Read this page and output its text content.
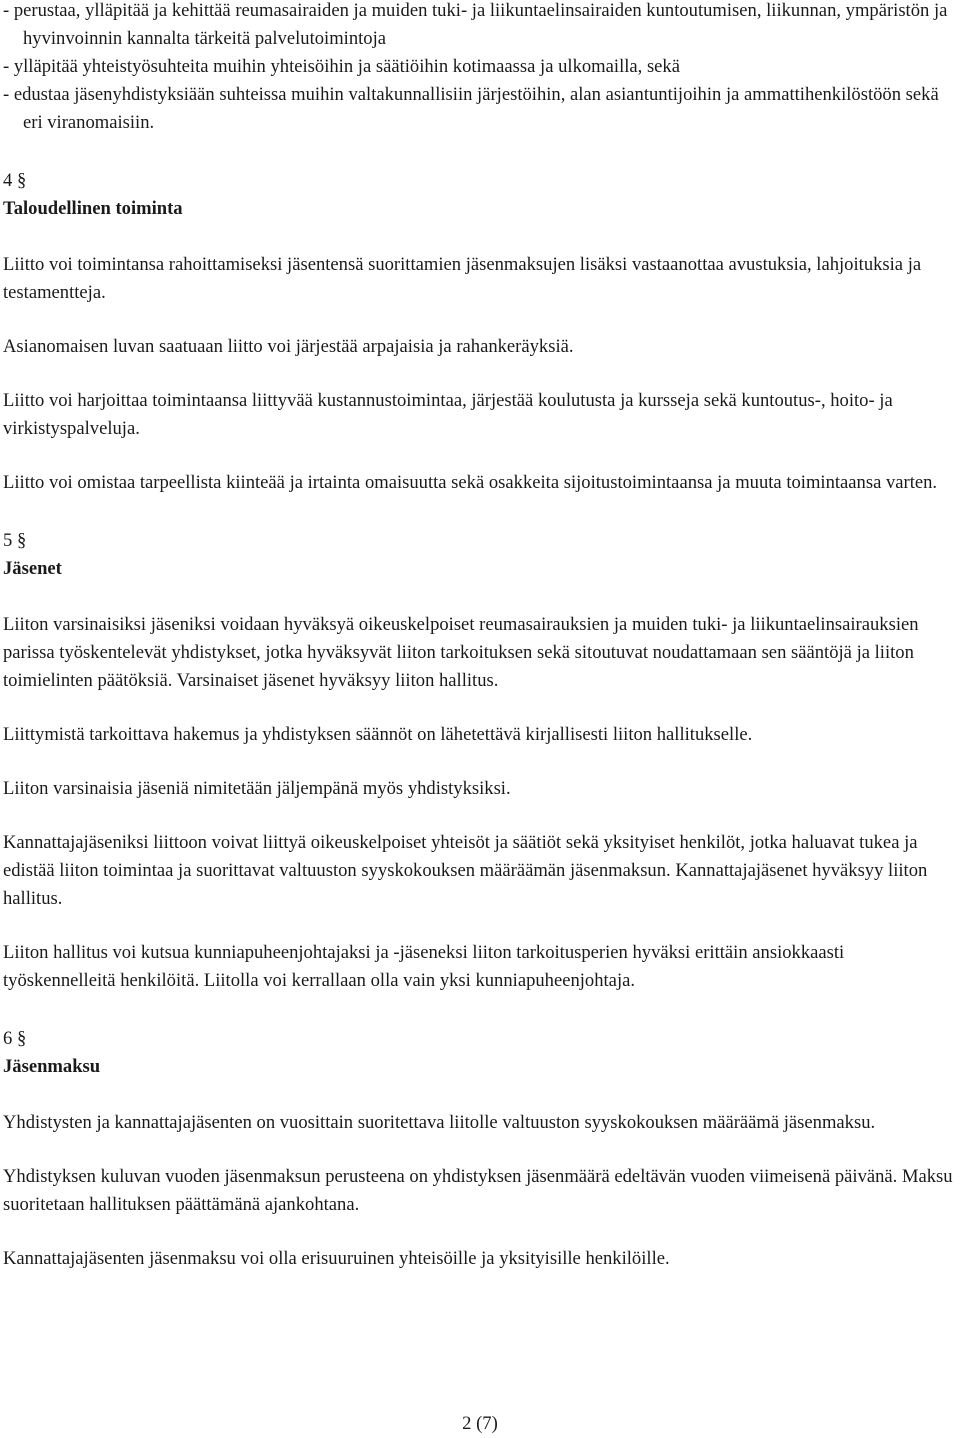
- perustaa, ylläpitää ja kehittää reumasairaiden ja muiden tuki- ja liikuntaelinsairaiden kuntoutumisen, liikunnan, ympäristön ja hyvinvoinnin kannalta tärkeitä palvelutoimintoja
- ylläpitää yhteistyösuhteita muihin yhteisöihin ja säätiöihin kotimaassa ja ulkomailla, sekä
- edustaa jäsenyhdistyksiään suhteissa muihin valtakunnallisiin järjestöihin, alan asiantuntijoihin ja ammattihenkilöstöön sekä eri viranomaisiin.
4 §
Taloudellinen toiminta

Liitto voi toimintansa rahoittamiseksi jäsentensä suorittamien jäsenmaksujen lisäksi vastaanottaa avustuksia, lahjoituksia ja testamentteja.

Asianomaisen luvan saatuaan liitto voi järjestää arpajaisia ja rahankeräyksiä.

Liitto voi harjoittaa toimintaansa liittyvää kustannustoimintaa, järjestää koulutusta ja kursseja sekä kuntoutus-, hoito- ja virkistyspalveluja.

Liitto voi omistaa tarpeellista kiinteää ja irtainta omaisuutta sekä osakkeita sijoitustoimintaansa ja muuta toimintaansa varten.

5 §
Jäsenet

Liiton varsinaisiksi jäseniksi voidaan hyväksyä oikeuskelpoiset reumasairauksien ja muiden tuki- ja liikuntaelinsairauksien parissa työskentelevät yhdistykset, jotka hyväksyvät liiton tarkoituksen sekä sitoutuvat noudattamaan sen sääntöjä ja liiton toimielinten päätöksiä. Varsinaiset jäsenet hyväksyy liiton hallitus.

Liittymistä tarkoittava hakemus ja yhdistyksen säännöt on lähetettävä kirjallisesti liiton hallitukselle.

Liiton varsinaisia jäseniä nimitetään jäljempänä myös yhdistyksiksi.

Kannattajajäseniksi liittoon voivat liittyä oikeuskelpoiset yhteisöt ja säätiöt sekä yksityiset henkilöt, jotka haluavat tukea ja edistää liiton toimintaa ja suorittavat valtuuston syyskokouksen määräämän jäsenmaksun. Kannattajajäsenet hyväksyy liiton hallitus.

Liiton hallitus voi kutsua kunniapuheenjohtajaksi ja -jäseneksi liiton tarkoitusperien hyväksi erittäin ansiokkaasti työskennelleitä henkilöitä. Liitolla voi kerrallaan olla vain yksi kunniapuheenjohtaja.

6 §
Jäsenmaksu

Yhdistysten ja kannattajajäsenten on vuosittain suoritettava liitolle valtuuston syyskokouksen määräämä jäsenmaksu.

Yhdistyksen kuluvan vuoden jäsenmaksun perusteena on yhdistyksen jäsenmäärä edeltävän vuoden viimeisenä päivänä. Maksu suoritetaan hallituksen päättämänä ajankohtana.

Kannattajajäsenten jäsenmaksu voi olla erisuuruinen yhteisöille ja yksityisille henkilöille.

2 (7)
